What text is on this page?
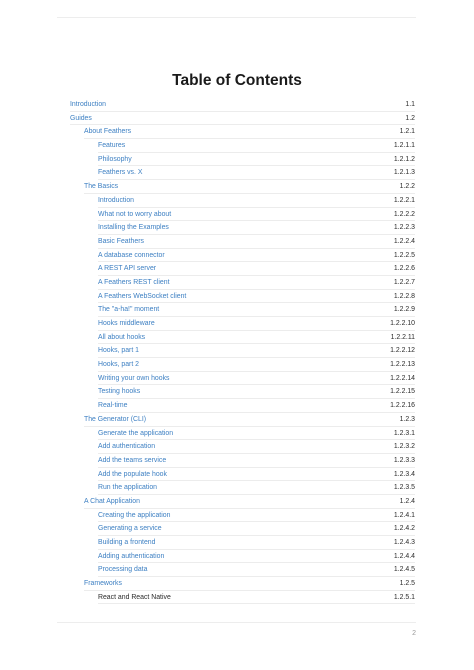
Table of Contents
Introduction	1.1
Guides	1.2
About Feathers	1.2.1
Features	1.2.1.1
Philosophy	1.2.1.2
Feathers vs. X	1.2.1.3
The Basics	1.2.2
Introduction	1.2.2.1
What not to worry about	1.2.2.2
Installing the Examples	1.2.2.3
Basic Feathers	1.2.2.4
A database connector	1.2.2.5
A REST API server	1.2.2.6
A Feathers REST client	1.2.2.7
A Feathers WebSocket client	1.2.2.8
The "a-ha!" moment	1.2.2.9
Hooks middleware	1.2.2.10
All about hooks	1.2.2.11
Hooks, part 1	1.2.2.12
Hooks, part 2	1.2.2.13
Writing your own hooks	1.2.2.14
Testing hooks	1.2.2.15
Real-time	1.2.2.16
The Generator (CLI)	1.2.3
Generate the application	1.2.3.1
Add authentication	1.2.3.2
Add the teams service	1.2.3.3
Add the populate hook	1.2.3.4
Run the application	1.2.3.5
A Chat Application	1.2.4
Creating the application	1.2.4.1
Generating a service	1.2.4.2
Building a frontend	1.2.4.3
Adding authentication	1.2.4.4
Processing data	1.2.4.5
Frameworks	1.2.5
React and React Native	1.2.5.1
2
